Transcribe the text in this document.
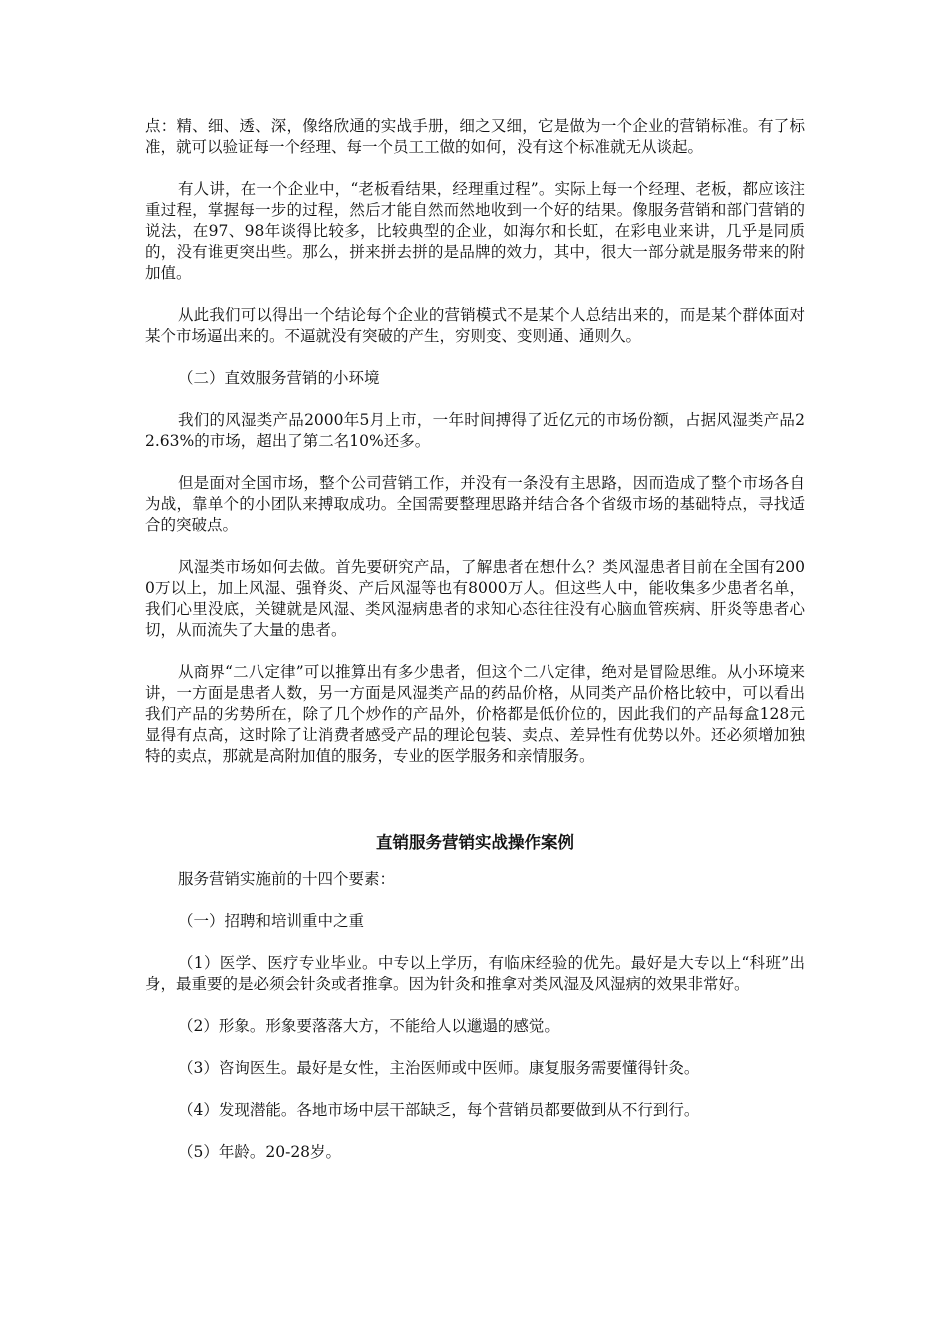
点：精、细、透、深，像络欣通的实战手册，细之又细，它是做为一个企业的营销标准。有了标准，就可以验证每一个经理、每一个员工工做的如何，没有这个标准就无从谈起。

有人讲，在一个企业中，“老板看结果，经理重过程”。实际上每一个经理、老板，都应该注重过程，掌握每一步的过程，然后才能自然而然地收到一个好的结果。像服务营销和部门营销的说法，在97、98年谈得比较多，比较典型的企业，如海尔和长虹，在彩电业来讲，几乎是同质的，没有谁更突出些。那么，拼来拼去拼的是品牌的效力，其中，很大一部分就是服务带来的附加值。

从此我们可以得出一个结论每个企业的营销模式不是某个人总结出来的，而是某个群体面对某个市场逼出来的。不逼就没有突破的产生，穷则变、变则通、通则久。

（二）直效服务营销的小环境

我们的风湿类产品2000年5月上市，一年时间搏得了近亿元的市场份额，占据风湿类产品22.63%的市场，超出了第二名10%还多。

但是面对全国市场，整个公司营销工作，并没有一条没有主思路，因而造成了整个市场各自为战，靠单个的小团队来搏取成功。全国需要整理思路并结合各个省级市场的基础特点，寻找适合的突破点。

风湿类市场如何去做。首先要研究产品，了解患者在想什么？类风湿患者目前在全国有2000万以上，加上风湿、强脊炎、产后风湿等也有8000万人。但这些人中，能收集多少患者名单，我们心里没底，关键就是风湿、类风湿病患者的求知心态往往没有心脑血管疾病、肝炎等患者心切，从而流失了大量的患者。

从商界“二八定律”可以推算出有多少患者，但这个二八定律，绝对是冒险思维。从小环境来讲，一方面是患者人数，另一方面是风湿类产品的药品价格，从同类产品价格比较中，可以看出我们产品的劣势所在，除了几个炒作的产品外，价格都是低价位的，因此我们的产品每盒128元显得有点高，这时除了让消费者感受产品的理论包装、卖点、差异性有优势以外。还必须增加独特的卖点，那就是高附加值的服务，专业的医学服务和亲情服务。

直销服务营销实战操作案例

服务营销实施前的十四个要素：

（一）招聘和培训重中之重

（1）医学、医疗专业毕业。中专以上学历，有临床经验的优先。最好是大专以上“科班”出身，最重要的是必须会针灸或者推拿。因为针灸和推拿对类风湿及风湿病的效果非常好。

（2）形象。形象要落落大方，不能给人以邋遢的感觉。

（3）咨询医生。最好是女性，主治医师或中医师。康复服务需要懂得针灸。

（4）发现潜能。各地市场中层干部缺乏，每个营销员都要做到从不行到行。

（5）年龄。20-28岁。
